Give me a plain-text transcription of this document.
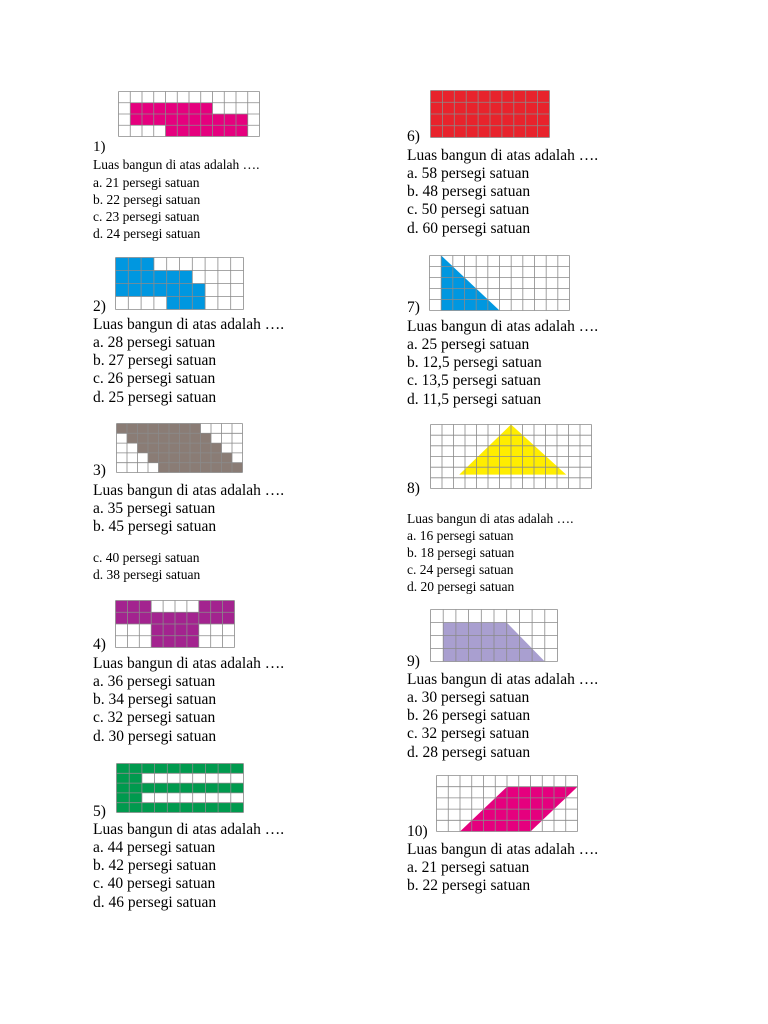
1)
Luas bangun di atas adalah ….
a. 21 persegi satuan
b. 22 persegi satuan
c. 23 persegi satuan
d. 24 persegi satuan
2)
Luas bangun di atas adalah ….
a. 28 persegi satuan
b. 27 persegi satuan
c. 26 persegi satuan
d. 25 persegi satuan
3)
Luas bangun di atas adalah ….
a. 35 persegi satuan
b. 45 persegi satuan
c. 40 persegi satuan
d. 38 persegi satuan
4)
Luas bangun di atas adalah ….
a. 36 persegi satuan
b. 34 persegi satuan
c. 32 persegi satuan
d. 30 persegi satuan
5)
Luas bangun di atas adalah ….
a. 44 persegi satuan
b. 42 persegi satuan
c. 40 persegi satuan
d. 46 persegi satuan
6)
Luas bangun di atas adalah ….
a. 58 persegi satuan
b. 48 persegi satuan
c. 50 persegi satuan
d. 60 persegi satuan
7)
Luas bangun di atas adalah ….
a. 25 persegi satuan
b. 12,5 persegi satuan
c. 13,5 persegi satuan
d. 11,5 persegi satuan
8)
Luas bangun di atas adalah ….
a. 16 persegi satuan
b. 18 persegi satuan
c. 24 persegi satuan
d. 20 persegi satuan
9)
Luas bangun di atas adalah ….
a. 30 persegi satuan
b. 26 persegi satuan
c. 32 persegi satuan
d. 28 persegi satuan
10)
Luas bangun di atas adalah ….
a. 21 persegi satuan
b. 22 persegi satuan
